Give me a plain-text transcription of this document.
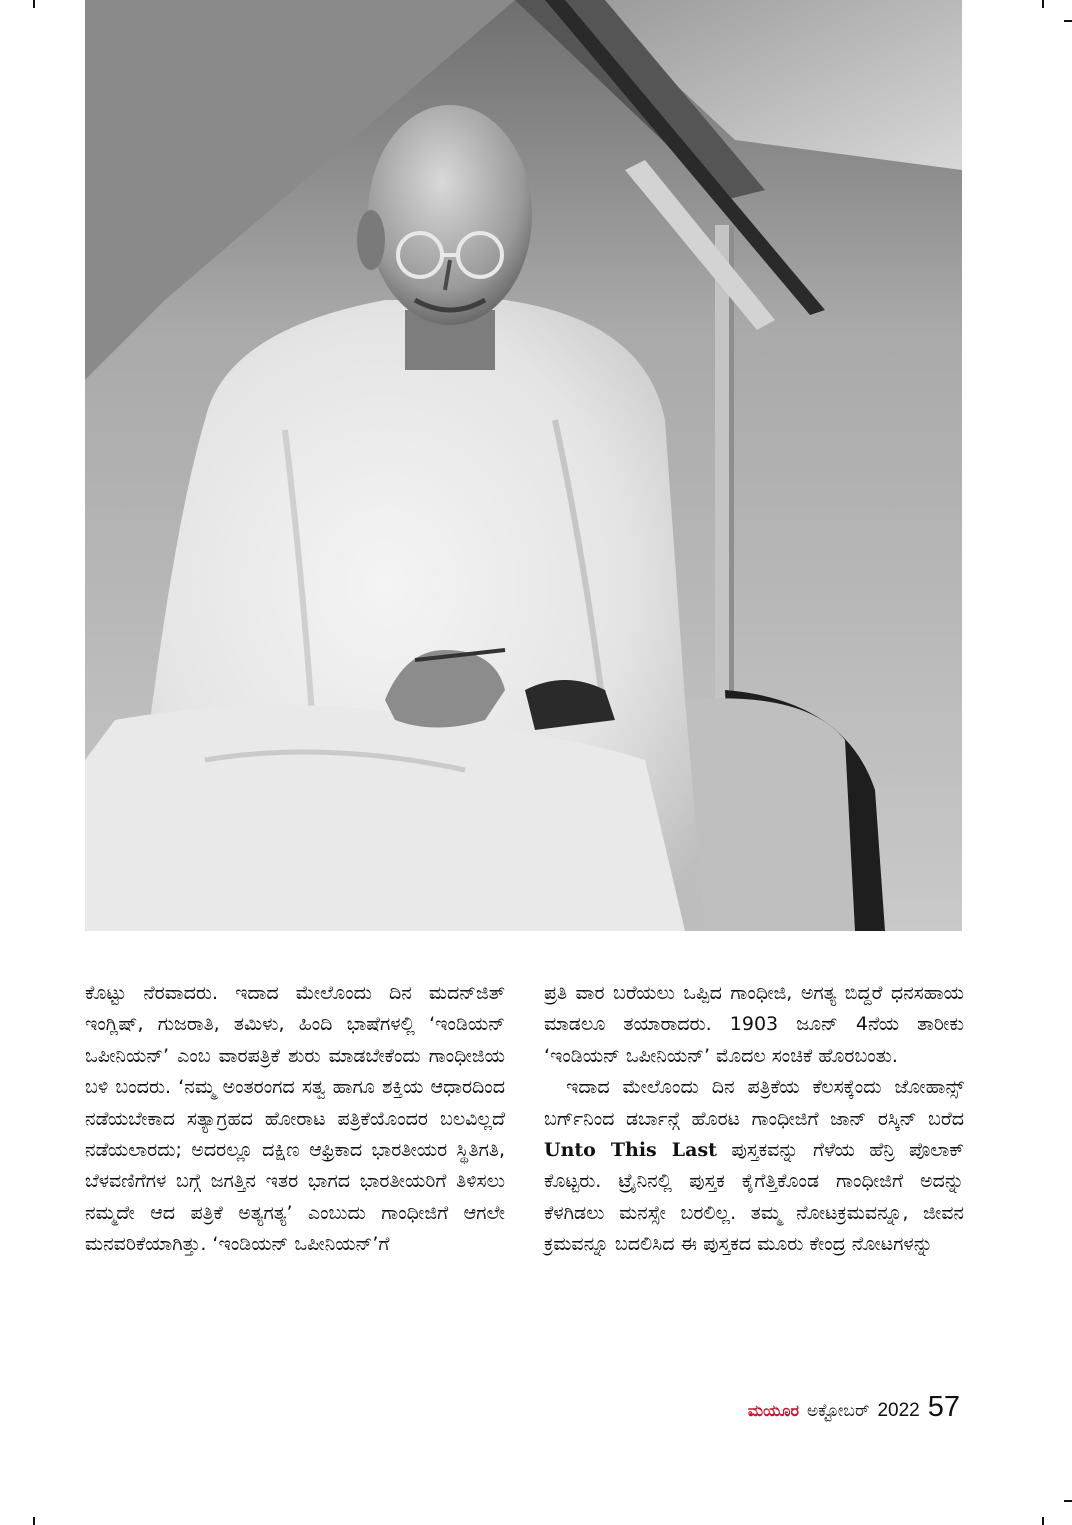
ಕೊಟ್ಟು ನೆರವಾದರು. ಇದಾದ ಮೇಲೊಂದು ದಿನ ಮದನ್‌ಜಿತ್ ಇಂಗ್ಲಿಷ್, ಗುಜರಾತಿ, ತಮಿಳು, ಹಿಂದಿ ಭಾಷೆಗಳಲ್ಲಿ ‘ಇಂಡಿಯನ್ ಒಪೀನಿಯನ್’ ಎಂಬ ವಾರಪತ್ರಿಕೆ ಶುರು ಮಾಡಬೇಕೆಂದು ಗಾಂಧೀಜಿಯ ಬಳಿ ಬಂದರು. ‘ನಮ್ಮ ಅಂತರಂಗದ ಸತ್ವ ಹಾಗೂ ಶಕ್ತಿಯ ಆಧಾರದಿಂದ ನಡೆಯಬೇಕಾದ ಸತ್ಯಾಗ್ರಹದ ಹೋರಾಟ ಪತ್ರಿಕೆಯೊಂದರ ಬಲವಿಲ್ಲದೆ ನಡೆಯಲಾರದು; ಅದರಲ್ಲೂ ದಕ್ಷಿಣ ಆಫ್ರಿಕಾದ ಭಾರತೀಯರ ಸ್ಥಿತಿಗತಿ, ಬೆಳವಣಿಗೆಗಳ ಬಗ್ಗೆ ಜಗತ್ತಿನ ಇತರ ಭಾಗದ ಭಾರತೀಯರಿಗೆ ತಿಳಿಸಲು ನಮ್ಮದೇ ಆದ ಪತ್ರಿಕೆ ಅತ್ಯಗತ್ಯ’ ಎಂಬುದು ಗಾಂಧೀಜಿಗೆ ಆಗಲೇ ಮನವರಿಕೆಯಾಗಿತ್ತು. ‘ಇಂಡಿಯನ್ ಒಪೀನಿಯನ್’ಗೆ

ಪ್ರತಿ ವಾರ ಬರೆಯಲು ಒಪ್ಪಿದ ಗಾಂಧೀಜಿ, ಅಗತ್ಯ ಬಿದ್ದರೆ ಧನಸಹಾಯ ಮಾಡಲೂ ತಯಾರಾದರು. 1903 ಜೂನ್ 4ನೆಯ ತಾರೀಕು ‘ಇಂಡಿಯನ್ ಒಪೀನಿಯನ್’ ಮೊದಲ ಸಂಚಿಕೆ ಹೊರಬಂತು.

ಇದಾದ ಮೇಲೊಂದು ದಿನ ಪತ್ರಿಕೆಯ ಕೆಲಸಕ್ಕೆಂದು ಜೋಹಾನ್ಸ್ ಬರ್ಗ್‌ನಿಂದ ಡರ್ಬಾನ್ಗೆ ಹೊರಟ ಗಾಂಧೀಜಿಗೆ ಜಾನ್ ರಸ್ಕಿನ್ ಬರೆದ Unto This Last ಪುಸ್ತಕವನ್ನು ಗೆಳೆಯ ಹೆನ್ರಿ ಪೊಲಾಕ್ ಕೊಟ್ಟರು. ಟ್ರೈನಿನಲ್ಲಿ ಪುಸ್ತಕ ಕೈಗೆತ್ತಿಕೊಂಡ ಗಾಂಧೀಜಿಗೆ ಅದನ್ನು ಕೆಳಗಿಡಲು ಮನಸ್ಸೇ ಬರಲಿಲ್ಲ. ತಮ್ಮ ನೋಟಕ್ರಮವನ್ನೂ, ಜೀವನ ಕ್ರಮವನ್ನೂ ಬದಲಿಸಿದ ಈ ಪುಸ್ತಕದ ಮೂರು ಕೇಂದ್ರ ನೋಟಗಳನ್ನು

ಮಯೂರ ಅಕ್ಟೋಬರ್ 2022 57
